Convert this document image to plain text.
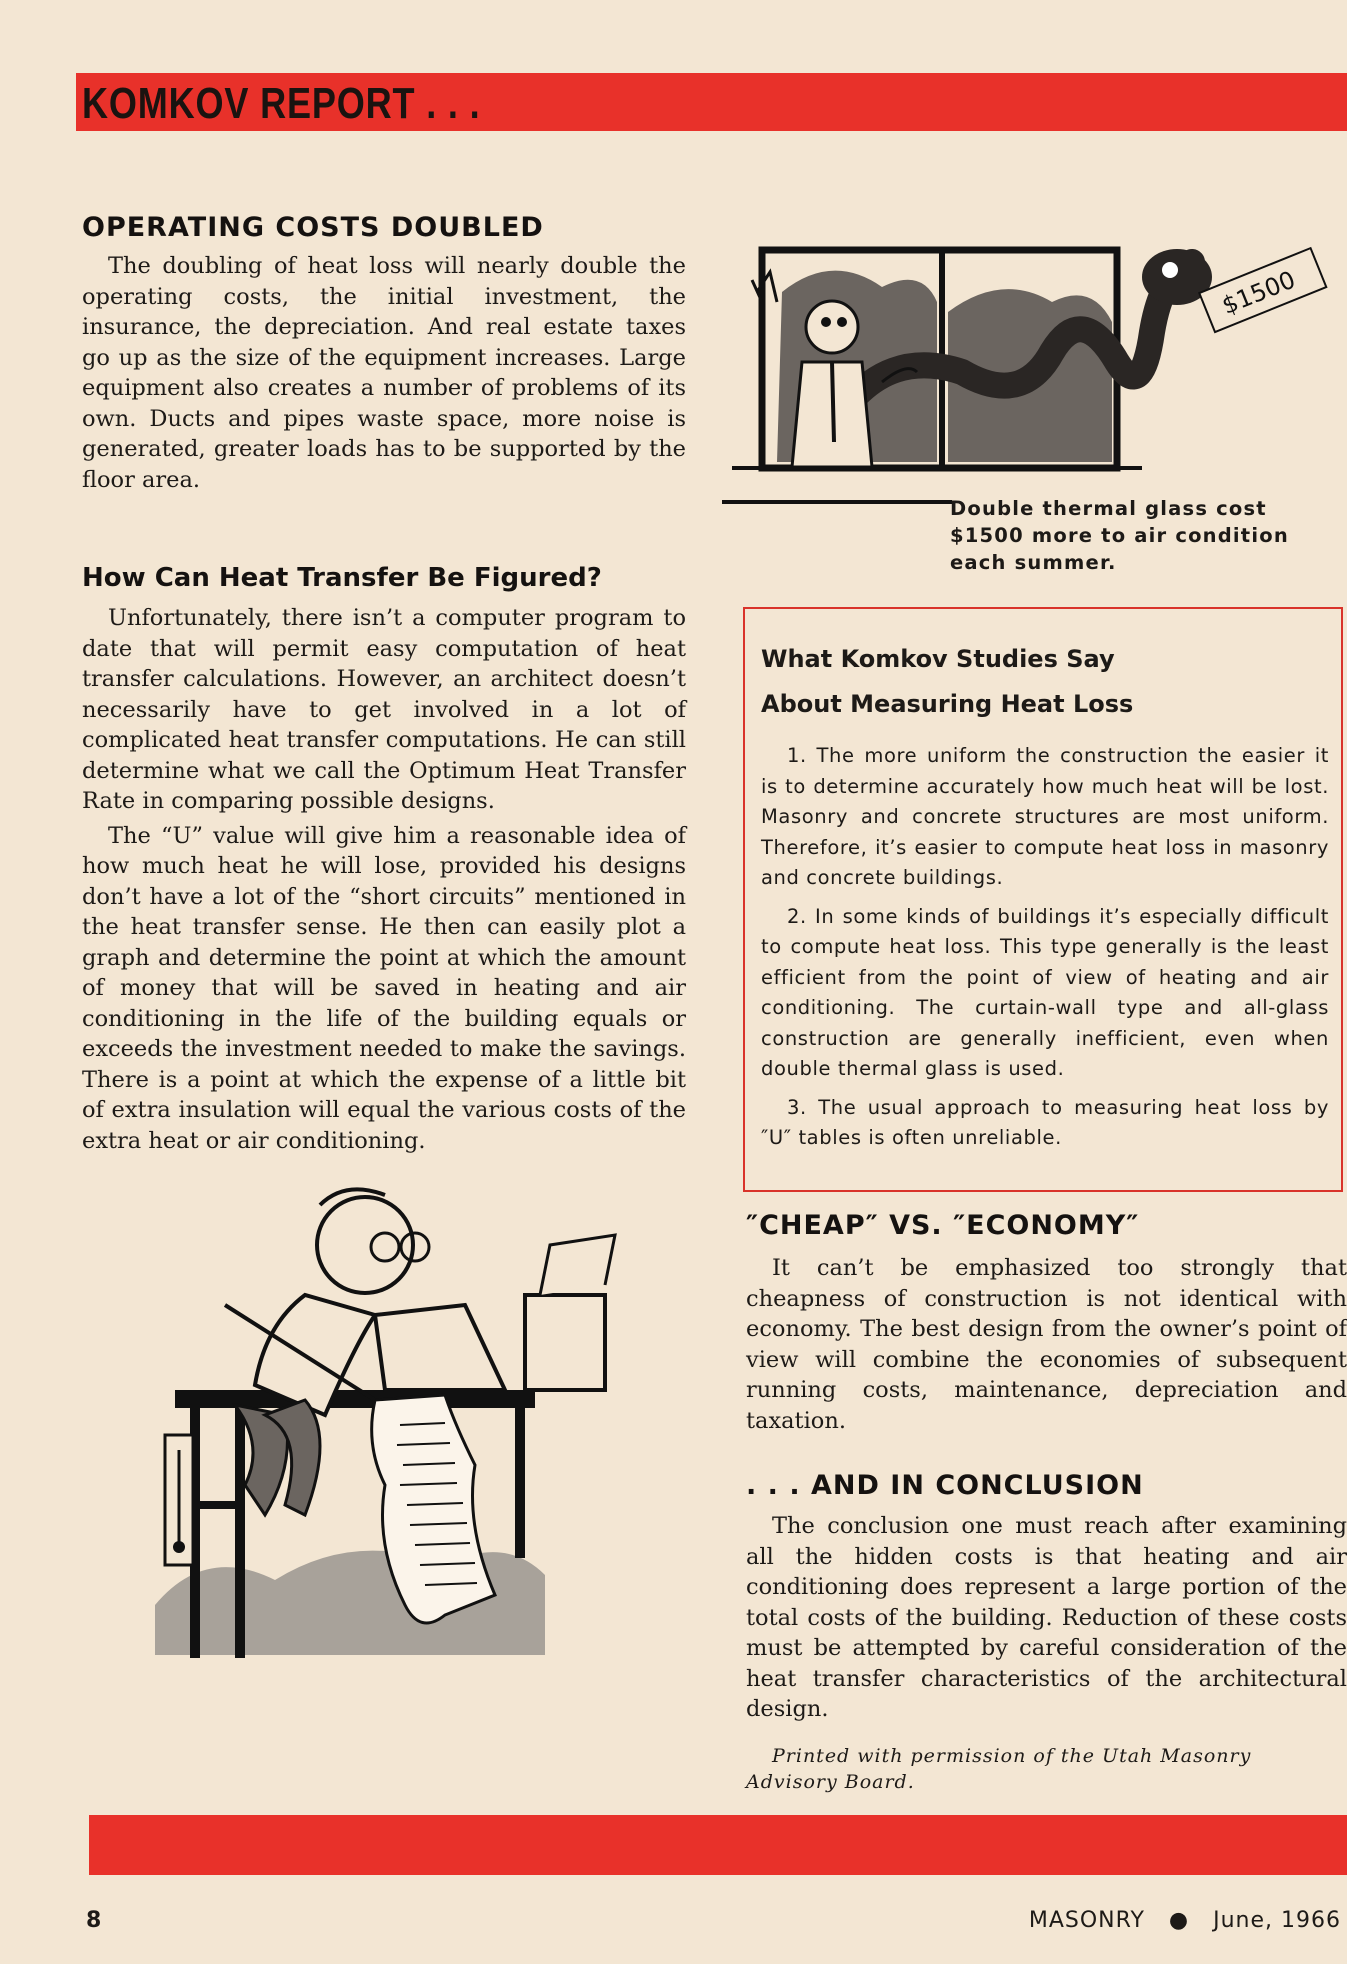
KOMKOV REPORT . . .
OPERATING COSTS DOUBLED

The doubling of heat loss will nearly double the operating costs, the initial investment, the insurance, the depreciation. And real estate taxes go up as the size of the equipment increases. Large equipment also creates a number of problems of its own. Ducts and pipes waste space, more noise is generated, greater loads has to be supported by the floor area.

How Can Heat Transfer Be Figured?

Unfortunately, there isn’t a computer program to date that will permit easy computation of heat transfer calculations. However, an architect doesn’t necessarily have to get involved in a lot of complicated heat transfer computations. He can still determine what we call the Optimum Heat Transfer Rate in comparing possible designs.

The “U” value will give him a reasonable idea of how much heat he will lose, provided his designs don’t have a lot of the “short circuits” mentioned in the heat transfer sense. He then can easily plot a graph and determine the point at which the amount of money that will be saved in heating and air conditioning in the life of the building equals or exceeds the investment needed to make the savings. There is a point at which the expense of a little bit of extra insulation will equal the various costs of the extra heat or air conditioning.

$1500
Double thermal glass cost $1500 more to air condition each summer.
What Komkov Studies Say
About Measuring Heat Loss

1. The more uniform the construction the easier it is to determine accurately how much heat will be lost. Masonry and concrete structures are most uniform. Therefore, it’s easier to compute heat loss in masonry and concrete buildings.

2. In some kinds of buildings it’s especially difficult to compute heat loss. This type generally is the least efficient from the point of view of heating and air conditioning. The curtain-wall type and all-glass construction are generally inefficient, even when double thermal glass is used.

3. The usual approach to measuring heat loss by ″U″ tables is often unreliable.

″CHEAP″ VS. ″ECONOMY″

It can’t be emphasized too strongly that cheapness of construction is not identical with economy. The best design from the owner’s point of view will combine the economies of subsequent running costs, maintenance, depreciation and taxation.

. . . AND IN CONCLUSION

The conclusion one must reach after examining all the hidden costs is that heating and air conditioning does represent a large portion of the total costs of the building. Reduction of these costs must be attempted by careful consideration of the heat transfer characteristics of the architectural design.

Printed with permission of the Utah Masonry Advisory Board.

8	MASONRY ● June, 1966
